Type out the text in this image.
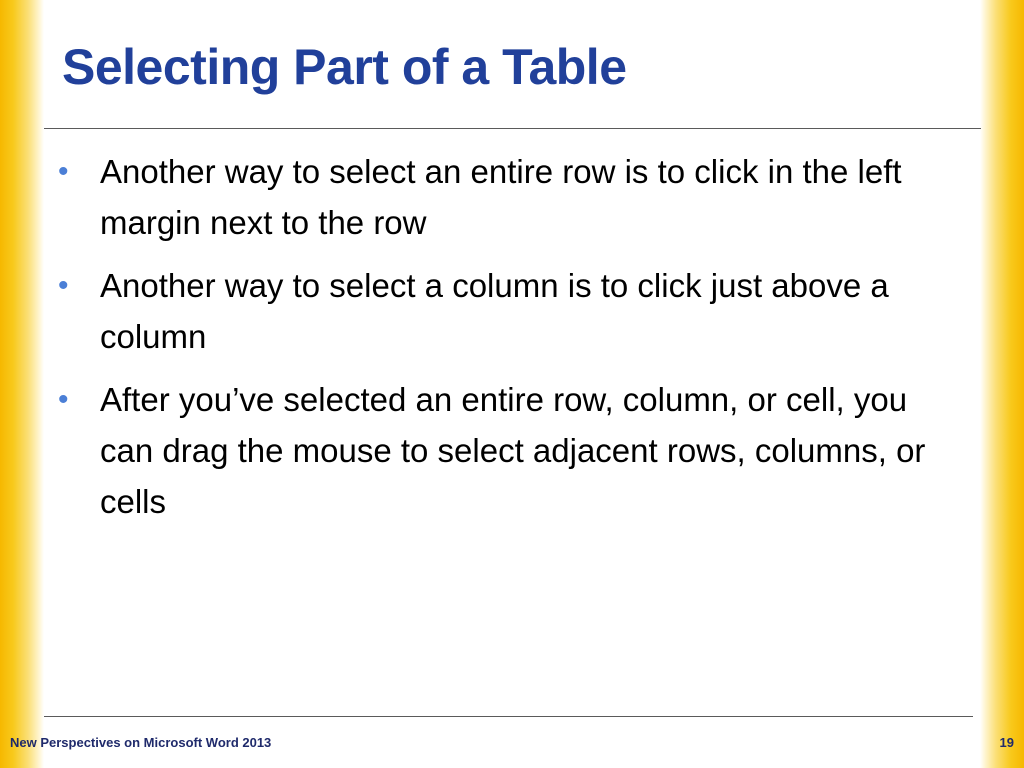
Selecting Part of a Table
• Another way to select an entire row is to click in the left margin next to the row
• Another way to select a column is to click just above a column
• After you’ve selected an entire row, column, or cell, you can drag the mouse to select adjacent rows, columns, or cells
New Perspectives on Microsoft Word 2013	19
